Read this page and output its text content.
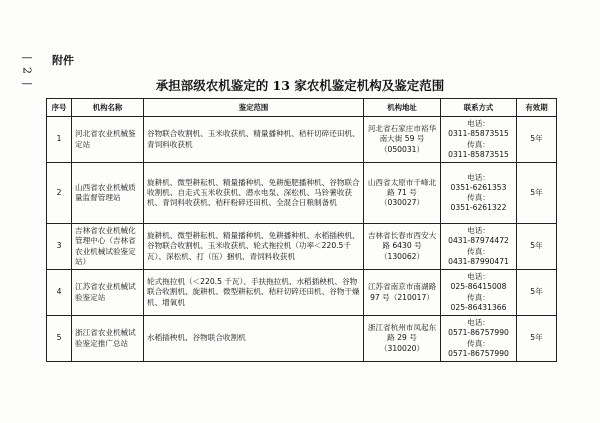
—
2
—
附件
承担部级农机鉴定的 13 家农机鉴定机构及鉴定范围
序号	机构名称	鉴定范围	机构地址	联系方式	有效期
1	河北省农业机械鉴定站	谷物联合收割机、玉米收获机、精量播种机、秸秆切碎还田机、青饲料收获机	河北省石家庄市裕华南大街 59 号（050031）	电话：
0311-85873515
传真：
0311-85873515	5年
2	山西省农业机械质量监督管理站	旋耕机、微型耕耘机、精量播种机、免耕施肥播种机、谷物联合收割机、自走式玉米收获机、潜水电泵、深松机、马铃薯收获机、青饲料收获机、秸秆粉碎还田机、全混合日粮制备机	山西省太原市千峰北路 71 号（030027）	电话：
0351-6261353
传真：
0351-6261322	5年
3	吉林省农业机械化管理中心（吉林省农业机械试验鉴定站）	旋耕机、微型耕耘机、精量播种机、免耕播种机、水稻插秧机、谷物联合收割机、玉米收获机、轮式拖拉机（功率＜220.5千瓦）、深松机、打（压）捆机、青饲料收获机	吉林省长春市西安大路 6430 号（130062）	电话：
0431-87974472
传真：
0431-87990471	5年
4	江苏省农业机械试验鉴定站	轮式拖拉机（＜220.5 千瓦）、手扶拖拉机、水稻插秧机、谷物联合收割机、旋耕机、微型耕耘机、秸秆切碎还田机、谷物干燥机、增氧机	江苏省南京市南湖路 97 号（210017）	电话：
025-86415008
传真：
025-86431366	5年
5	浙江省农业机械试验鉴定推广总站	水稻插秧机、谷物联合收割机	浙江省杭州市凤起东路 29 号（310020）	电话：
0571-86757990
传真：
0571-86757990	5年
